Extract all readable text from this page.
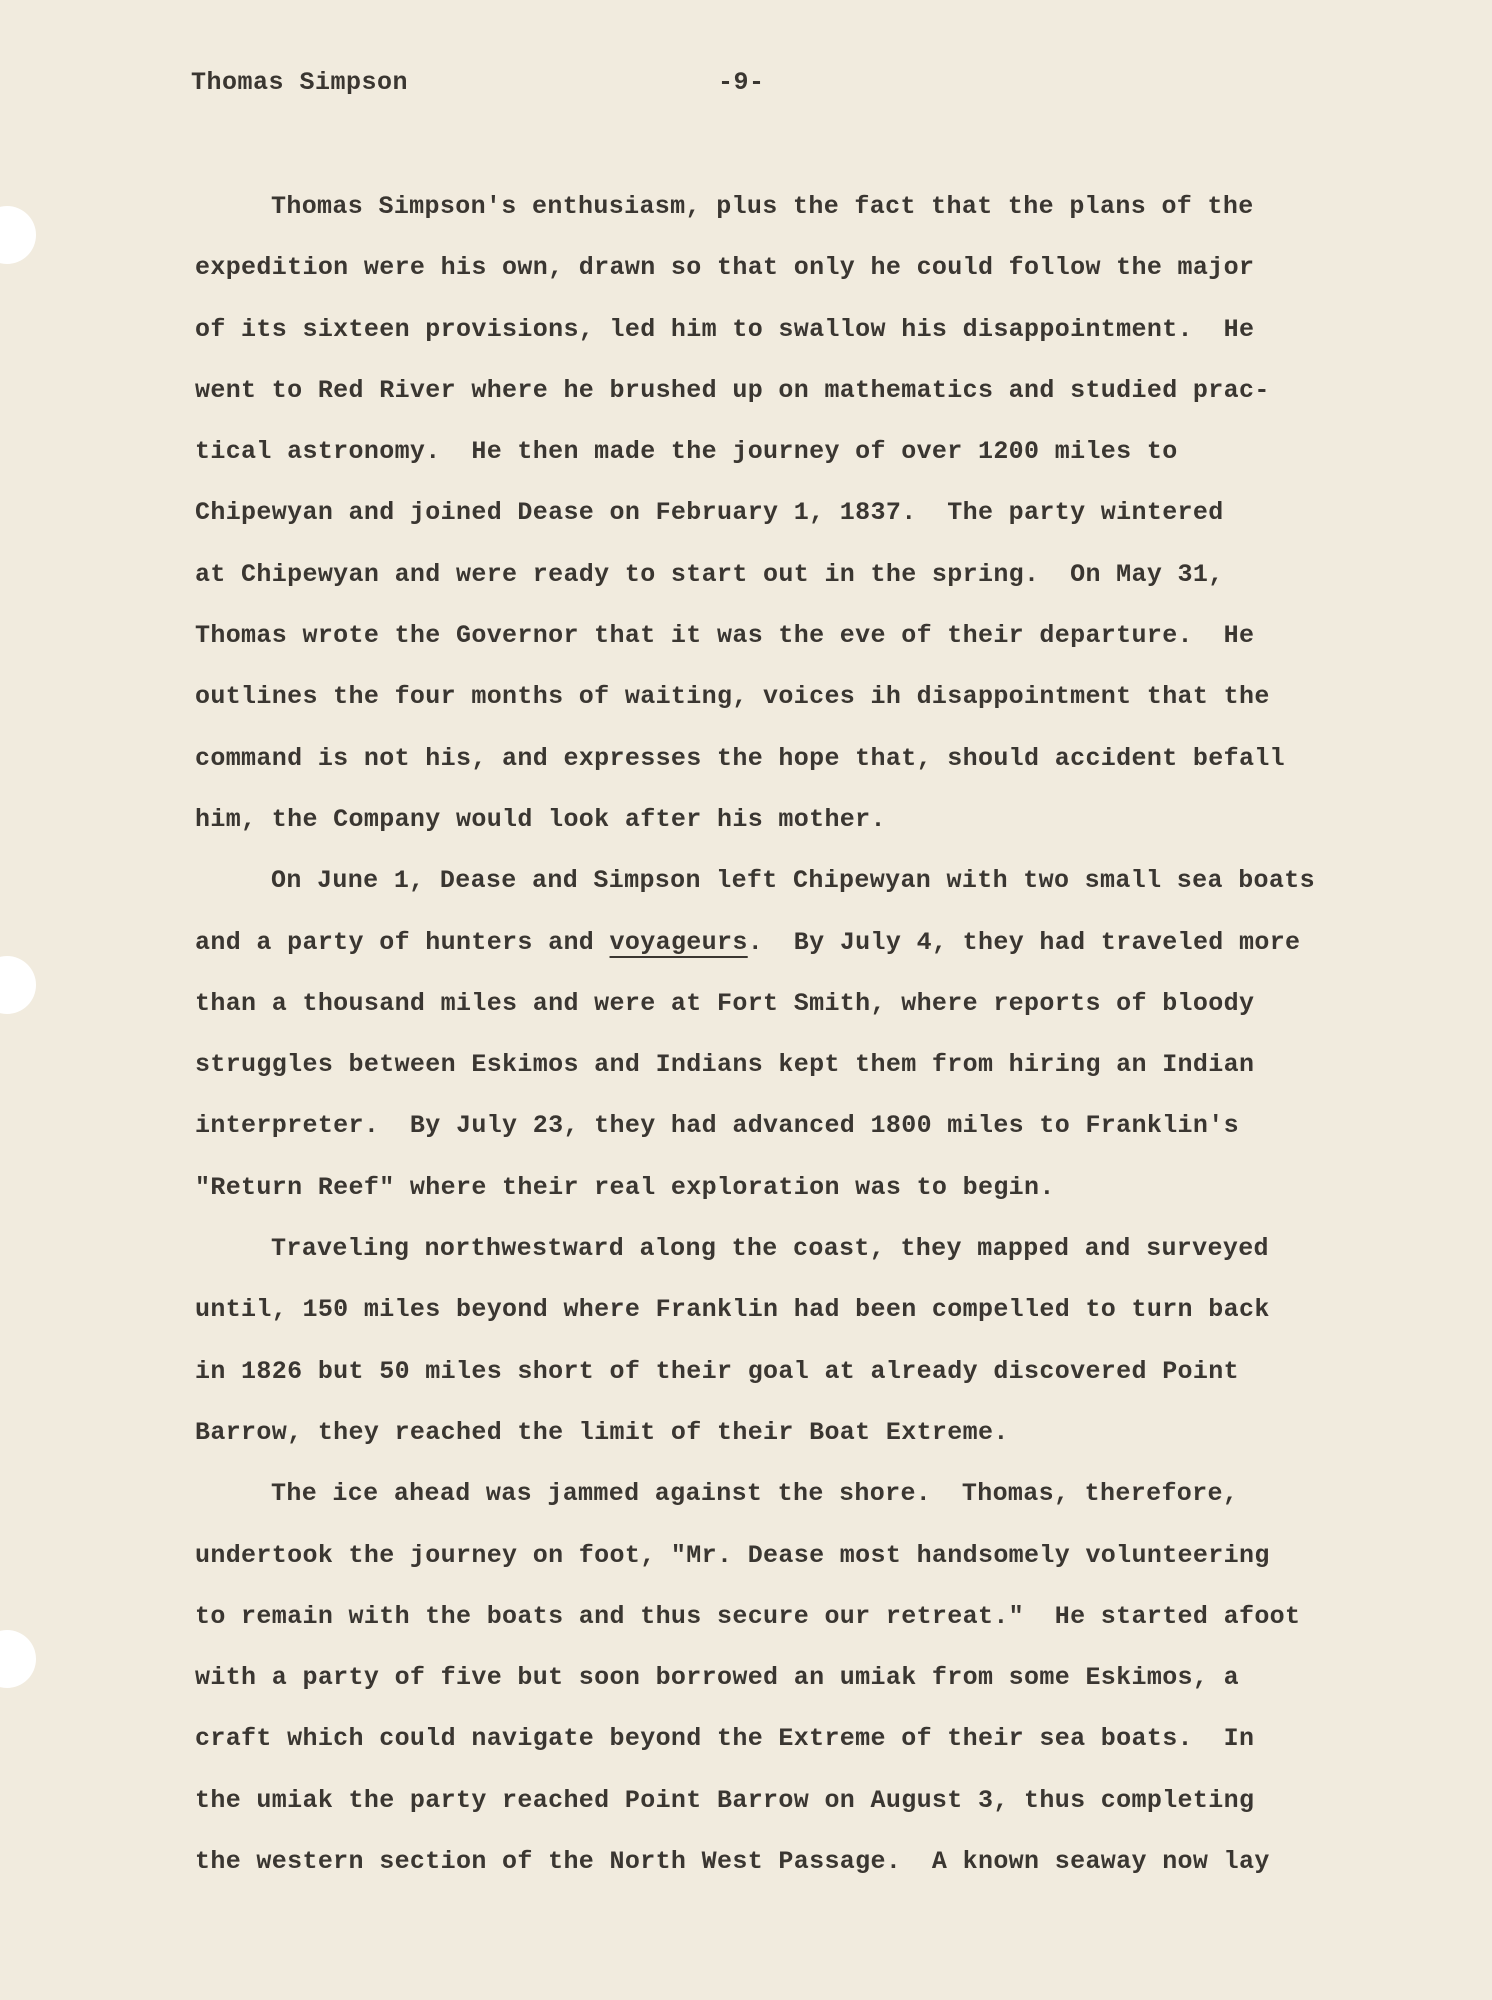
Thomas Simpson	-9-
Thomas Simpson's enthusiasm, plus the fact that the plans of the
expedition were his own, drawn so that only he could follow the major
of its sixteen provisions, led him to swallow his disappointment.  He
went to Red River where he brushed up on mathematics and studied prac-
tical astronomy.  He then made the journey of over 1200 miles to
Chipewyan and joined Dease on February 1, 1837.  The party wintered
at Chipewyan and were ready to start out in the spring.  On May 31,
Thomas wrote the Governor that it was the eve of their departure.  He
outlines the four months of waiting, voices ih disappointment that the
command is not his, and expresses the hope that, should accident befall
him, the Company would look after his mother.
On June 1, Dease and Simpson left Chipewyan with two small sea boats
and a party of hunters and voyageurs.  By July 4, they had traveled more
than a thousand miles and were at Fort Smith, where reports of bloody
struggles between Eskimos and Indians kept them from hiring an Indian
interpreter.  By July 23, they had advanced 1800 miles to Franklin's
"Return Reef" where their real exploration was to begin.
Traveling northwestward along the coast, they mapped and surveyed
until, 150 miles beyond where Franklin had been compelled to turn back
in 1826 but 50 miles short of their goal at already discovered Point
Barrow, they reached the limit of their Boat Extreme.
The ice ahead was jammed against the shore.  Thomas, therefore,
undertook the journey on foot, "Mr. Dease most handsomely volunteering
to remain with the boats and thus secure our retreat."  He started afoot
with a party of five but soon borrowed an umiak from some Eskimos, a
craft which could navigate beyond the Extreme of their sea boats.  In
the umiak the party reached Point Barrow on August 3, thus completing
the western section of the North West Passage.  A known seaway now lay
